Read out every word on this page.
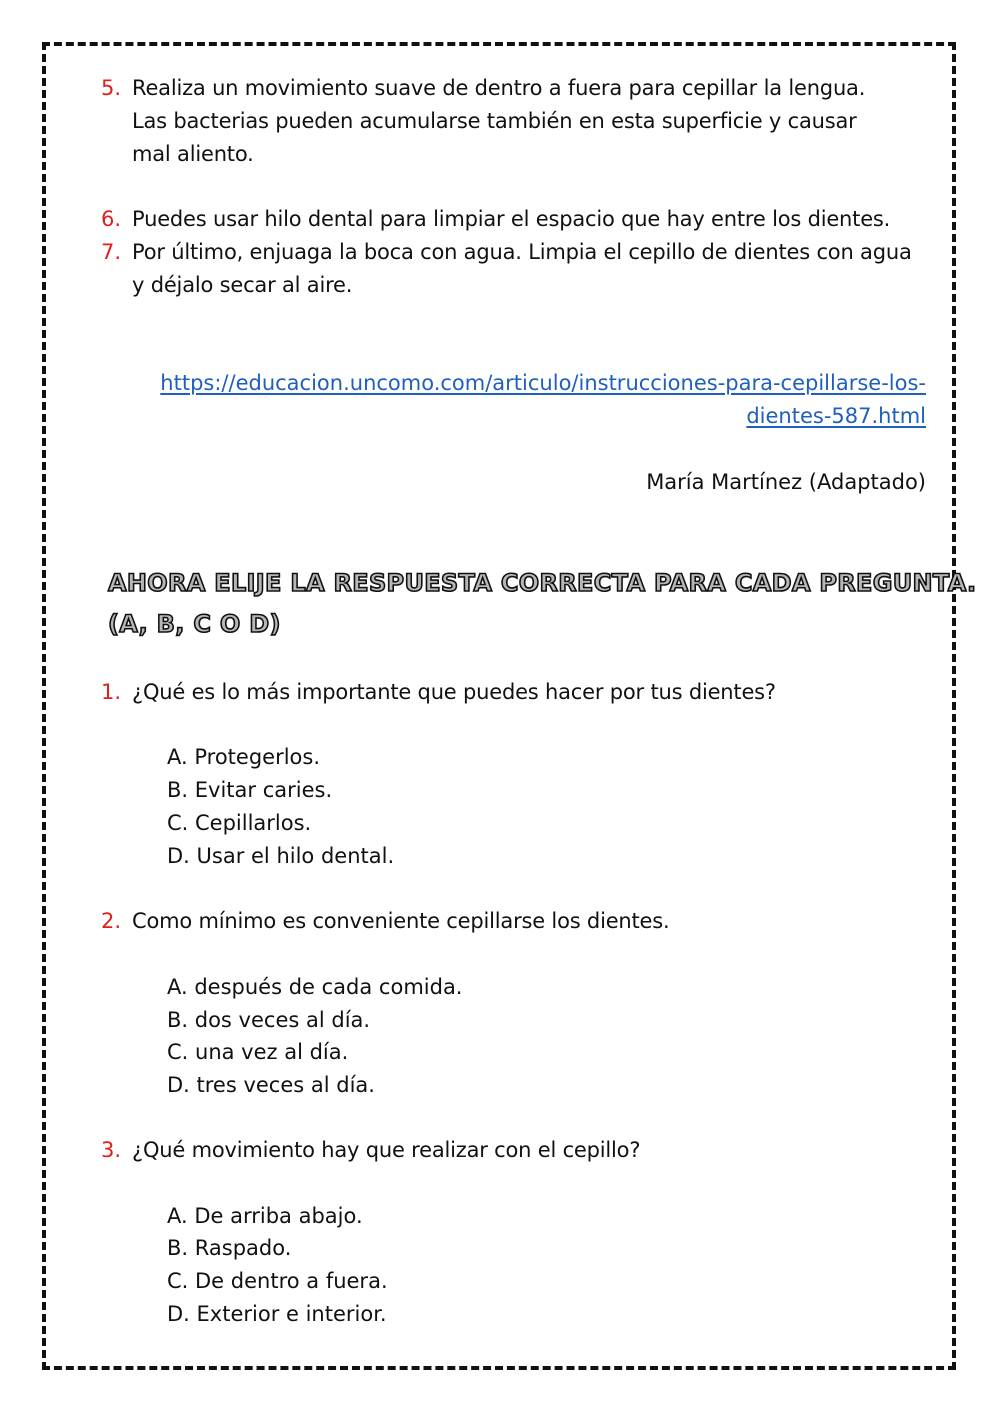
5. Realiza un movimiento suave de dentro a fuera para cepillar la lengua.
Las bacterias pueden acumularse también en esta superficie y causar
mal aliento.
6. Puedes usar hilo dental para limpiar el espacio que hay entre los dientes.
7. Por último, enjuaga la boca con agua. Limpia el cepillo de dientes con agua
y déjalo secar al aire.
https://educacion.uncomo.com/articulo/instrucciones-para-cepillarse-los-
dientes-587.html
María Martínez (Adaptado)
AHORA ELIJE LA RESPUESTA CORRECTA PARA CADA PREGUNTA.
(A, B, C O D)
1. ¿Qué es lo más importante que puedes hacer por tus dientes?
A. Protegerlos.
B. Evitar caries.
C. Cepillarlos.
D. Usar el hilo dental.
2. Como mínimo es conveniente cepillarse los dientes.
A. después de cada comida.
B. dos veces al día.
C. una vez al día.
D. tres veces al día.
3. ¿Qué movimiento hay que realizar con el cepillo?
A. De arriba abajo.
B. Raspado.
C. De dentro a fuera.
D. Exterior e interior.
